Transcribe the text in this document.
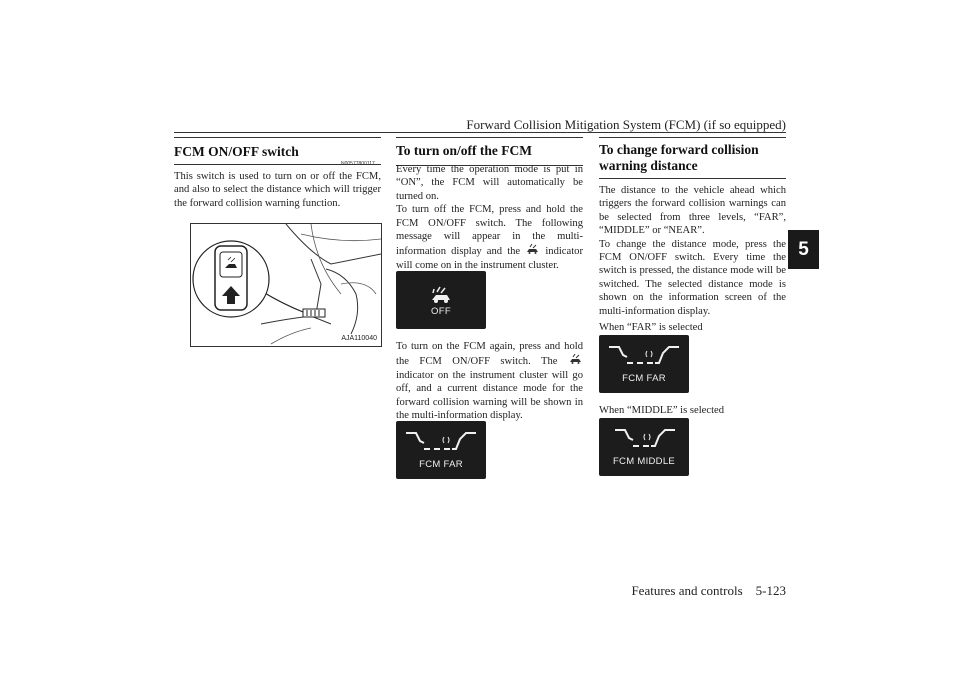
Forward Collision Mitigation System (FCM) (if so equipped)
5
FCM ON/OFF switch
N00577800117
This switch is used to turn on or off the FCM, and also to select the distance which will trigger the forward collision warning function.
AJA110040
To turn on/off the FCM

Every time the operation mode is put in “ON”, the FCM will automatically be turned on.

To turn off the FCM, press and hold the FCM ON/OFF switch. The following message will appear in the multi-information display and the indicator will come on in the instrument cluster.

OFF

To turn on the FCM again, press and hold the FCM ON/OFF switch. The  indicator on the instrument cluster will go off, and a current distance mode for the forward collision warning will be shown in the multi-information display.

FCM FAR
To change forward collision warning distance

The distance to the vehicle ahead which triggers the forward collision warnings can be selected from three levels, “FAR”, “MIDDLE” or “NEAR”.

To change the distance mode, press the FCM ON/OFF switch. Every time the switch is pressed, the distance mode will be switched. The selected distance mode is shown on the information screen of the multi-information display.

When “FAR” is selected
FCM FAR
When “MIDDLE” is selected
FCM MIDDLE
Features and controls 5-123
